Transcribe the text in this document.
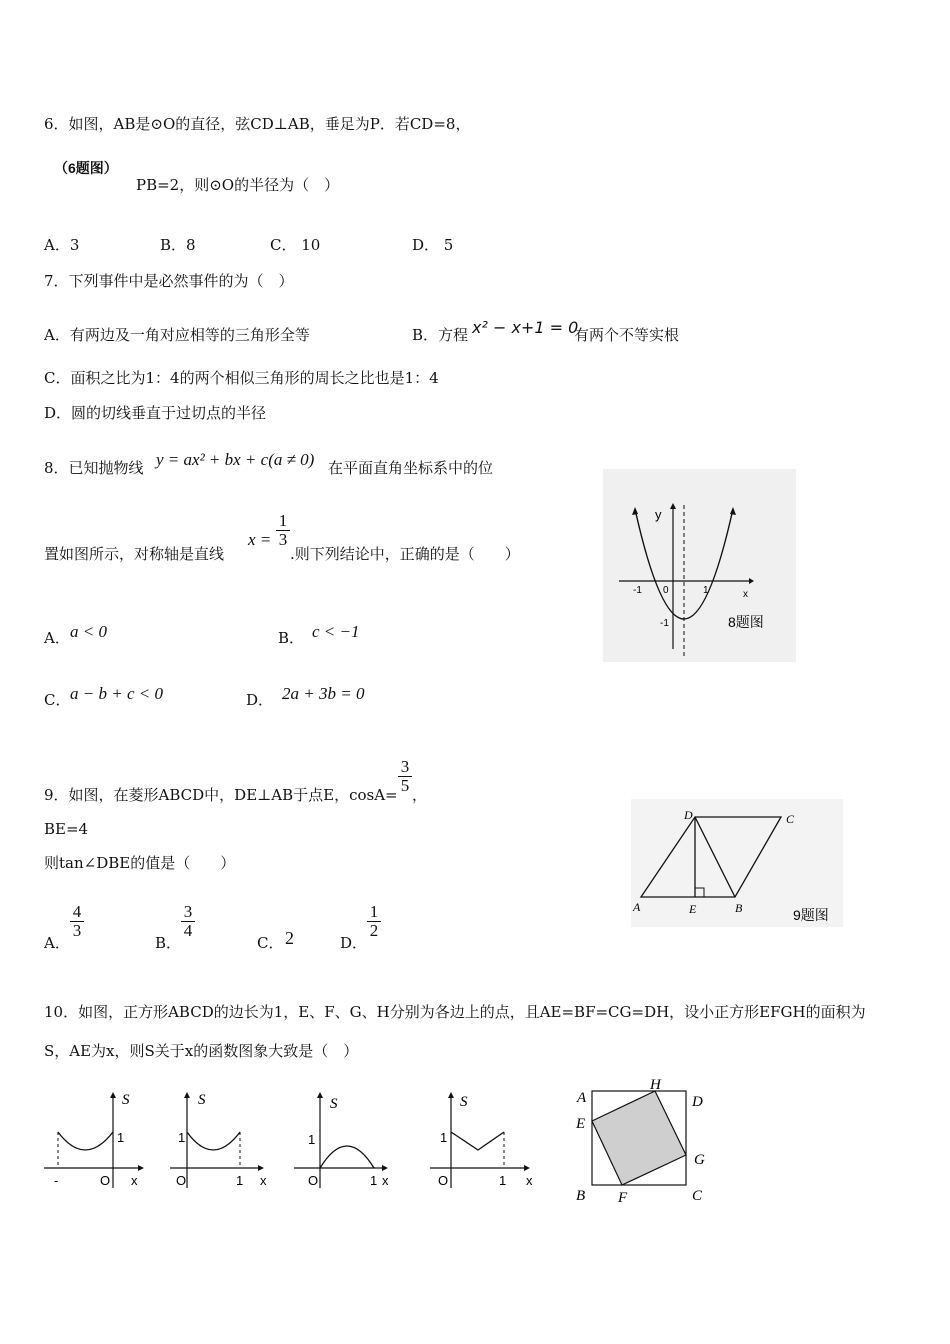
6．如图，AB是⊙O的直径，弦CD⊥AB，垂足为P．若CD=8，
（6题图）
PB=2，则⊙O的半径为（　）
A．3	B．8	C． 10	D． 5
7．下列事件中是必然事件的为（　）
A．有两边及一角对应相等的三角形全等	B．方程 x² − x+1 = 0
有两个不等实根
C．面积之比为1：4的两个相似三角形的周长之比也是1：4
D．圆的切线垂直于过切点的半径
8．已知抛物线 y = ax² + bx + c(a ≠ 0) 在平面直角坐标系中的位
置如图所示，对称轴是直线
x =
1
3
.则下列结论中，正确的是（　　）
A． a < 0	B． c < −1
C． a − b + c < 0	D． 2a + 3b = 0
y
x
0
-1	1
-1	8题图
9．如图，在菱形ABCD中，DE⊥AB于点E，cosA=
3
5 ，
BE=4
则tan∠DBE的值是（　　）
A．
4
3
B．
3
4
C． 2	D．
1
2
A	B
C
D
E	9题图
10．如图，正方形ABCD的边长为1，E、F、G、H分别为各边上的点，且AE=BF=CG=DH，设小正方形EFGH的面积为
S，AE为x，则S关于x的函数图象大致是（　）
S
1
-	O x
S
1
O	1 x
S
1
O	1 x
S
1
O	1 x
A
B	C
D
E
F
G
H
